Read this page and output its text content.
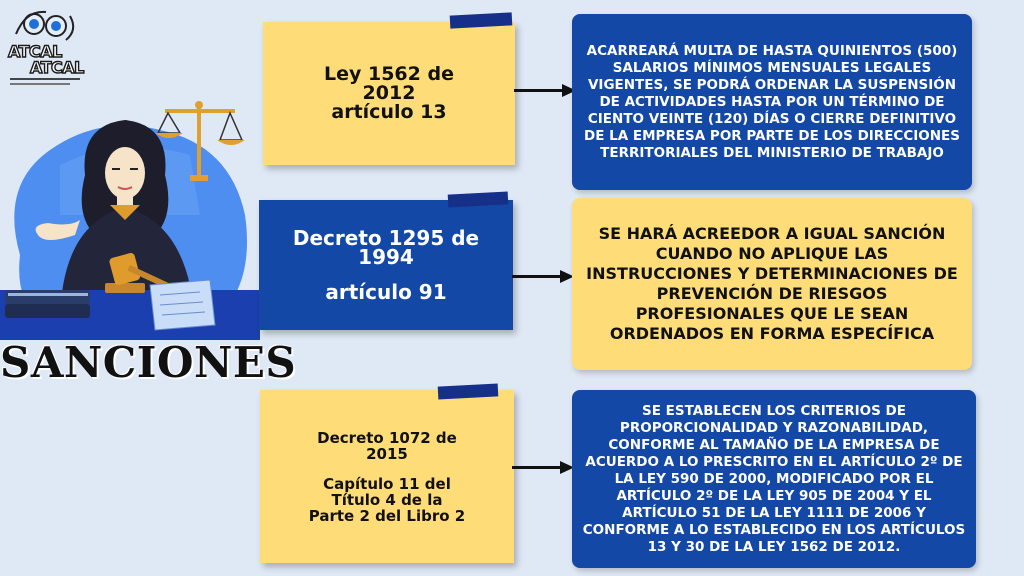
ATCAL
ATCAL
SANCIONES
Ley 1562 de 2012
artículo 13
Decreto 1295 de 1994
artículo 91
Decreto 1072 de 2015
Capítulo 11 del Título 4 de la Parte 2 del Libro 2
ACARREARÁ MULTA DE HASTA QUINIENTOS (500) SALARIOS MÍNIMOS MENSUALES LEGALES VIGENTES, SE PODRÁ ORDENAR LA SUSPENSIÓN DE ACTIVIDADES HASTA POR UN TÉRMINO DE CIENTO VEINTE (120) DÍAS O CIERRE DEFINITIVO DE LA EMPRESA POR PARTE DE LOS DIRECCIONES TERRITORIALES DEL MINISTERIO DE TRABAJO
SE HARÁ ACREEDOR A IGUAL SANCIÓN CUANDO NO APLIQUE LAS INSTRUCCIONES Y DETERMINACIONES DE PREVENCIÓN DE RIESGOS PROFESIONALES QUE LE SEAN ORDENADOS EN FORMA ESPECÍFICA
SE ESTABLECEN LOS CRITERIOS DE PROPORCIONALIDAD Y RAZONABILIDAD, CONFORME AL TAMAÑO DE LA EMPRESA DE ACUERDO A LO PRESCRITO EN EL ARTÍCULO 2º DE LA LEY 590 DE 2000, MODIFICADO POR EL ARTÍCULO 2º DE LA LEY 905 DE 2004 Y EL ARTÍCULO 51 DE LA LEY 1111 DE 2006 Y CONFORME A LO ESTABLECIDO EN LOS ARTÍCULOS 13 Y 30 DE LA LEY 1562 DE 2012.
